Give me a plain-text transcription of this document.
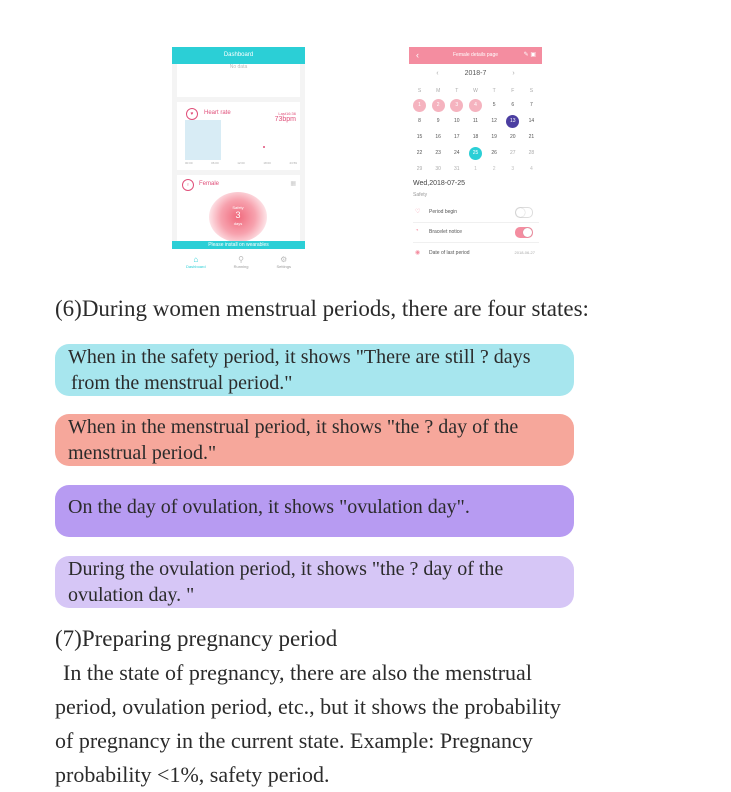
Dashboard
No data
♥	Heart rate	Last16:36
73bpm
00:00	06:00	12:00	18:00	23:59
♀	Female	▦
Safety
3
days
Please install on wearables
⌂
Dashboard
⚲
Running
⚙
Settings
‹	Female details page	✎ ▣
‹	2018-7	›
S	M	T	W	T	F	S
1	2	3	4	5	6	7
8	9	10	11	12	13	14
15	16	17	18	19	20	21
22	23	24	25	26	27	28
29	30	31	1	2	3	4
Wed,2018-07-25
Safety
♡ Period begin
◔ Bracelet notice
◉ Date of last period	2018-06-27
(6)During women menstrual periods, there are four states:
When in the safety period, it shows "There are still ? days
from the menstrual period."
When in the menstrual period, it shows "the ? day of the
menstrual period."
On the day of ovulation, it shows "ovulation day".
During the ovulation period, it shows "the ? day of the
ovulation day. "
(7)Preparing pregnancy period
In the state of pregnancy, there are also the menstrual
period, ovulation period, etc., but it shows the probability
of pregnancy in the current state. Example: Pregnancy
probability <1%, safety period.
